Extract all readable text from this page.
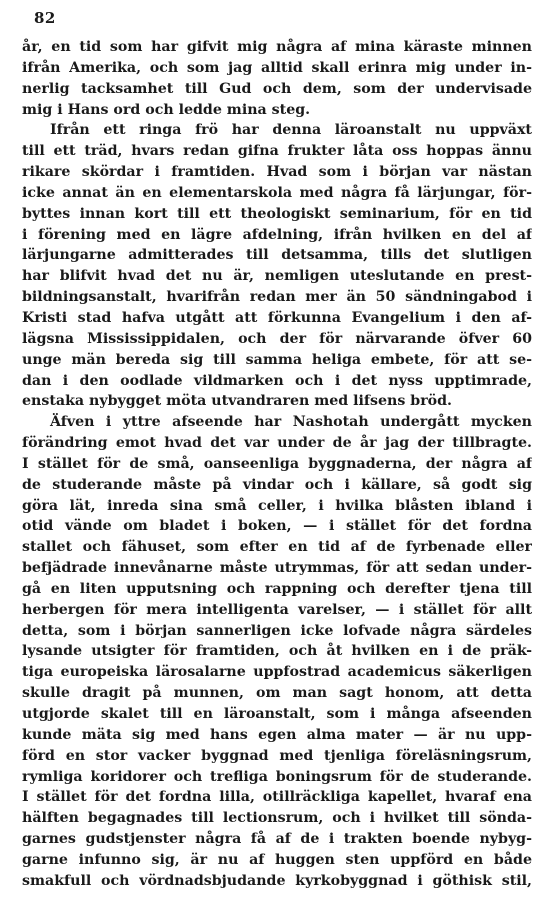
82
år, en tid som har gifvit mig några af mina käraste minnen
ifrån Amerika, och som jag alltid skall erinra mig under in-
nerlig tacksamhet till Gud och dem, som der undervisade
mig i Hans ord och ledde mina steg.
Ifrån ett ringa frö har denna läroanstalt nu uppväxt
till ett träd, hvars redan gifna frukter låta oss hoppas ännu
rikare skördar i framtiden. Hvad som i början var nästan
icke annat än en elementarskola med några få lärjungar, för-
byttes innan kort till ett theologiskt seminarium, för en tid
i förening med en lägre afdelning, ifrån hvilken en del af
lärjungarne admitterades till detsamma, tills det slutligen
har blifvit hvad det nu är, nemligen uteslutande en prest-
bildningsanstalt, hvarifrån redan mer än 50 sändningabod i
Kristi stad hafva utgått att förkunna Evangelium i den af-
lägsna Mississippidalen, och der för närvarande öfver 60
unge män bereda sig till samma heliga embete, för att se-
dan i den oodlade vildmarken och i det nyss upptimrade,
enstaka nybygget möta utvandraren med lifsens bröd.
Äfven i yttre afseende har Nashotah undergått mycken
förändring emot hvad det var under de år jag der tillbragte.
I stället för de små, oanseenliga byggnaderna, der några af
de studerande måste på vindar och i källare, så godt sig
göra lät, inreda sina små celler, i hvilka blåsten ibland i
otid vände om bladet i boken, — i stället för det fordna
stallet och fähuset, som efter en tid af de fyrbenade eller
befjädrade innevånarne måste utrymmas, för att sedan under-
gå en liten upputsning och rappning och derefter tjena till
herbergen för mera intelligenta varelser, — i stället för allt
detta, som i början sannerligen icke lofvade några särdeles
lysande utsigter för framtiden, och åt hvilken en i de präk-
tiga europeiska lärosalarne uppfostrad academicus säkerligen
skulle dragit på munnen, om man sagt honom, att detta
utgjorde skalet till en läroanstalt, som i många afseenden
kunde mäta sig med hans egen alma mater — är nu upp-
förd en stor vacker byggnad med tjenliga föreläsningsrum,
rymliga koridorer och trefliga boningsrum för de studerande.
I stället för det fordna lilla, otillräckliga kapellet, hvaraf ena
hälften begagnades till lectionsrum, och i hvilket till sönda-
garnes gudstjenster några få af de i trakten boende nybyg-
garne infunno sig, är nu af huggen sten uppförd en både
smakfull och vördnadsbjudande kyrkobyggnad i göthisk stil,
